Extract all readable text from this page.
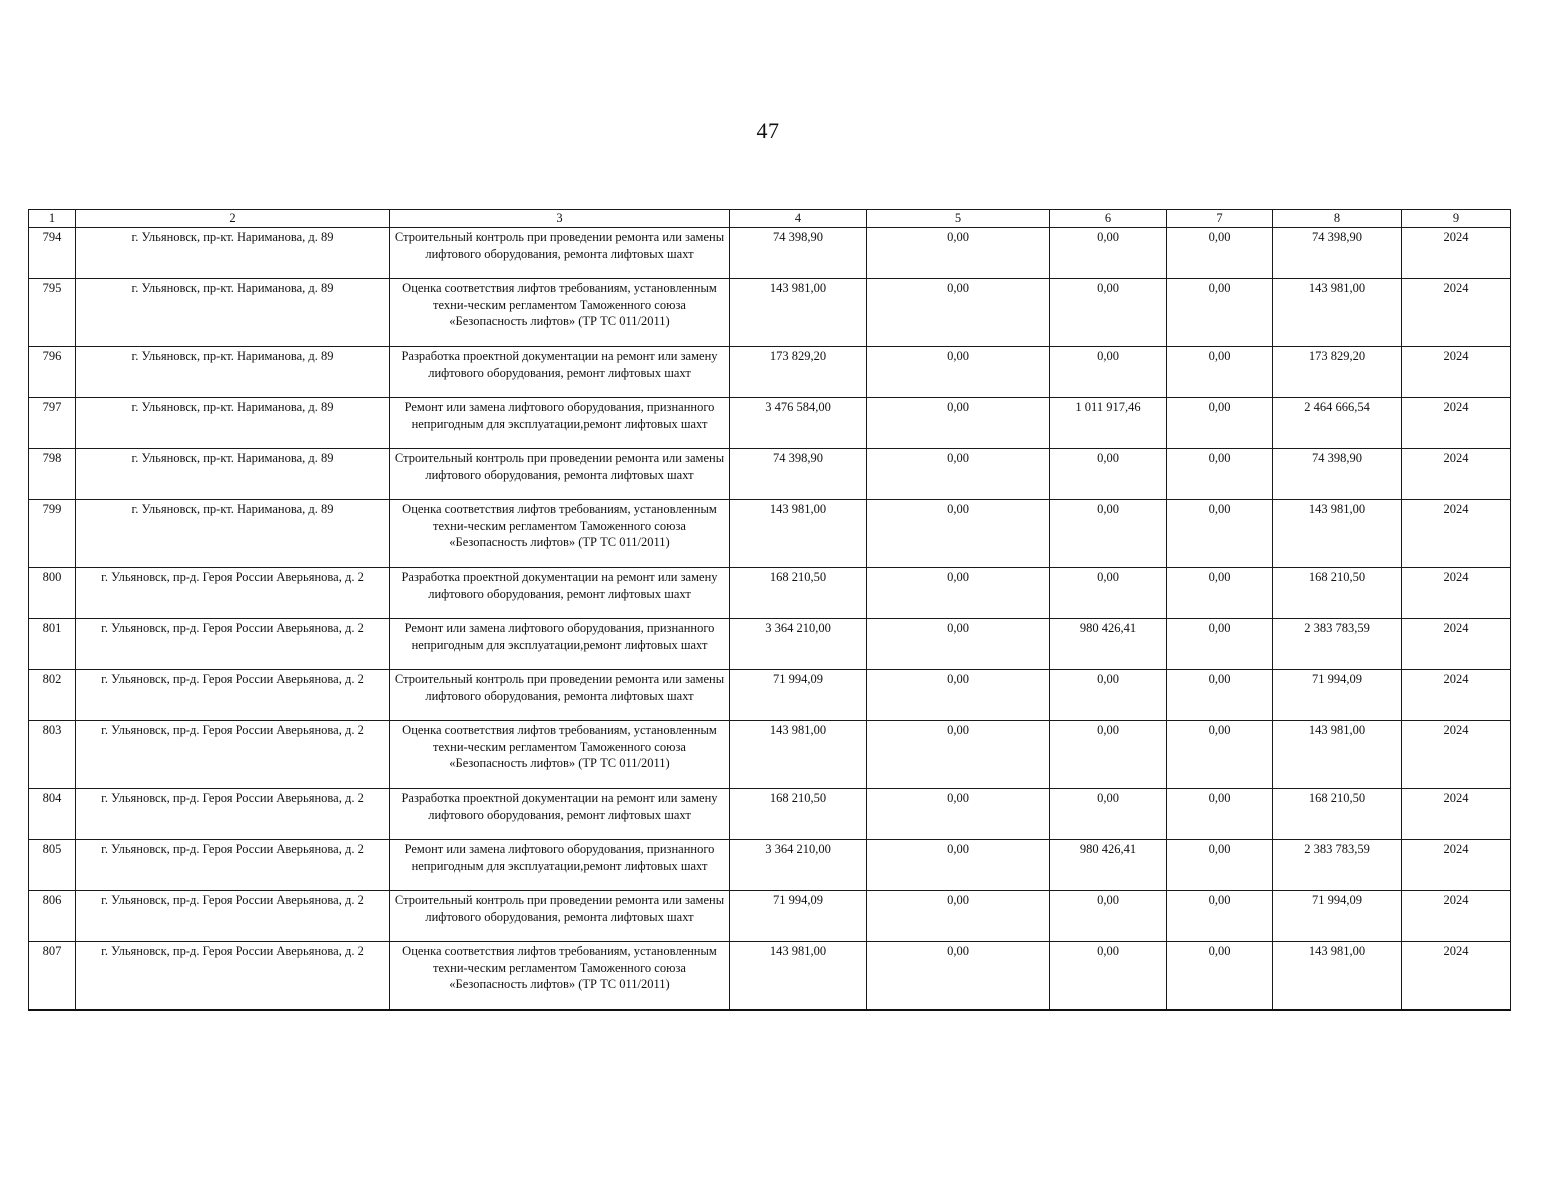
47
1	2	3	4	5	6	7	8	9
794	г. Ульяновск, пр-кт. Нариманова, д. 89	Строительный контроль при проведении ремонта или замены лифтового оборудования, ремонта лифтовых шахт	74 398,90	0,00	0,00	0,00	74 398,90	2024
795	г. Ульяновск, пр-кт. Нариманова, д. 89	Оценка соответствия лифтов требованиям, установленным техни-ческим регламентом Таможенного союза «Безопасность лифтов» (ТР ТС 011/2011)	143 981,00	0,00	0,00	0,00	143 981,00	2024
796	г. Ульяновск, пр-кт. Нариманова, д. 89	Разработка проектной документации на ремонт или замену лифтового оборудования, ремонт лифтовых шахт	173 829,20	0,00	0,00	0,00	173 829,20	2024
797	г. Ульяновск, пр-кт. Нариманова, д. 89	Ремонт или замена лифтового оборудования, признанного непригодным для эксплуатации,ремонт лифтовых шахт	3 476 584,00	0,00	1 011 917,46	0,00	2 464 666,54	2024
798	г. Ульяновск, пр-кт. Нариманова, д. 89	Строительный контроль при проведении ремонта или замены лифтового оборудования, ремонта лифтовых шахт	74 398,90	0,00	0,00	0,00	74 398,90	2024
799	г. Ульяновск, пр-кт. Нариманова, д. 89	Оценка соответствия лифтов требованиям, установленным техни-ческим регламентом Таможенного союза «Безопасность лифтов» (ТР ТС 011/2011)	143 981,00	0,00	0,00	0,00	143 981,00	2024
800	г. Ульяновск, пр-д. Героя России Аверьянова, д. 2	Разработка проектной документации на ремонт или замену лифтового оборудования, ремонт лифтовых шахт	168 210,50	0,00	0,00	0,00	168 210,50	2024
801	г. Ульяновск, пр-д. Героя России Аверьянова, д. 2	Ремонт или замена лифтового оборудования, признанного непригодным для эксплуатации,ремонт лифтовых шахт	3 364 210,00	0,00	980 426,41	0,00	2 383 783,59	2024
802	г. Ульяновск, пр-д. Героя России Аверьянова, д. 2	Строительный контроль при проведении ремонта или замены лифтового оборудования, ремонта лифтовых шахт	71 994,09	0,00	0,00	0,00	71 994,09	2024
803	г. Ульяновск, пр-д. Героя России Аверьянова, д. 2	Оценка соответствия лифтов требованиям, установленным техни-ческим регламентом Таможенного союза «Безопасность лифтов» (ТР ТС 011/2011)	143 981,00	0,00	0,00	0,00	143 981,00	2024
804	г. Ульяновск, пр-д. Героя России Аверьянова, д. 2	Разработка проектной документации на ремонт или замену лифтового оборудования, ремонт лифтовых шахт	168 210,50	0,00	0,00	0,00	168 210,50	2024
805	г. Ульяновск, пр-д. Героя России Аверьянова, д. 2	Ремонт или замена лифтового оборудования, признанного непригодным для эксплуатации,ремонт лифтовых шахт	3 364 210,00	0,00	980 426,41	0,00	2 383 783,59	2024
806	г. Ульяновск, пр-д. Героя России Аверьянова, д. 2	Строительный контроль при проведении ремонта или замены лифтового оборудования, ремонта лифтовых шахт	71 994,09	0,00	0,00	0,00	71 994,09	2024
807	г. Ульяновск, пр-д. Героя России Аверьянова, д. 2	Оценка соответствия лифтов требованиям, установленным техни-ческим регламентом Таможенного союза «Безопасность лифтов» (ТР ТС 011/2011)	143 981,00	0,00	0,00	0,00	143 981,00	2024
